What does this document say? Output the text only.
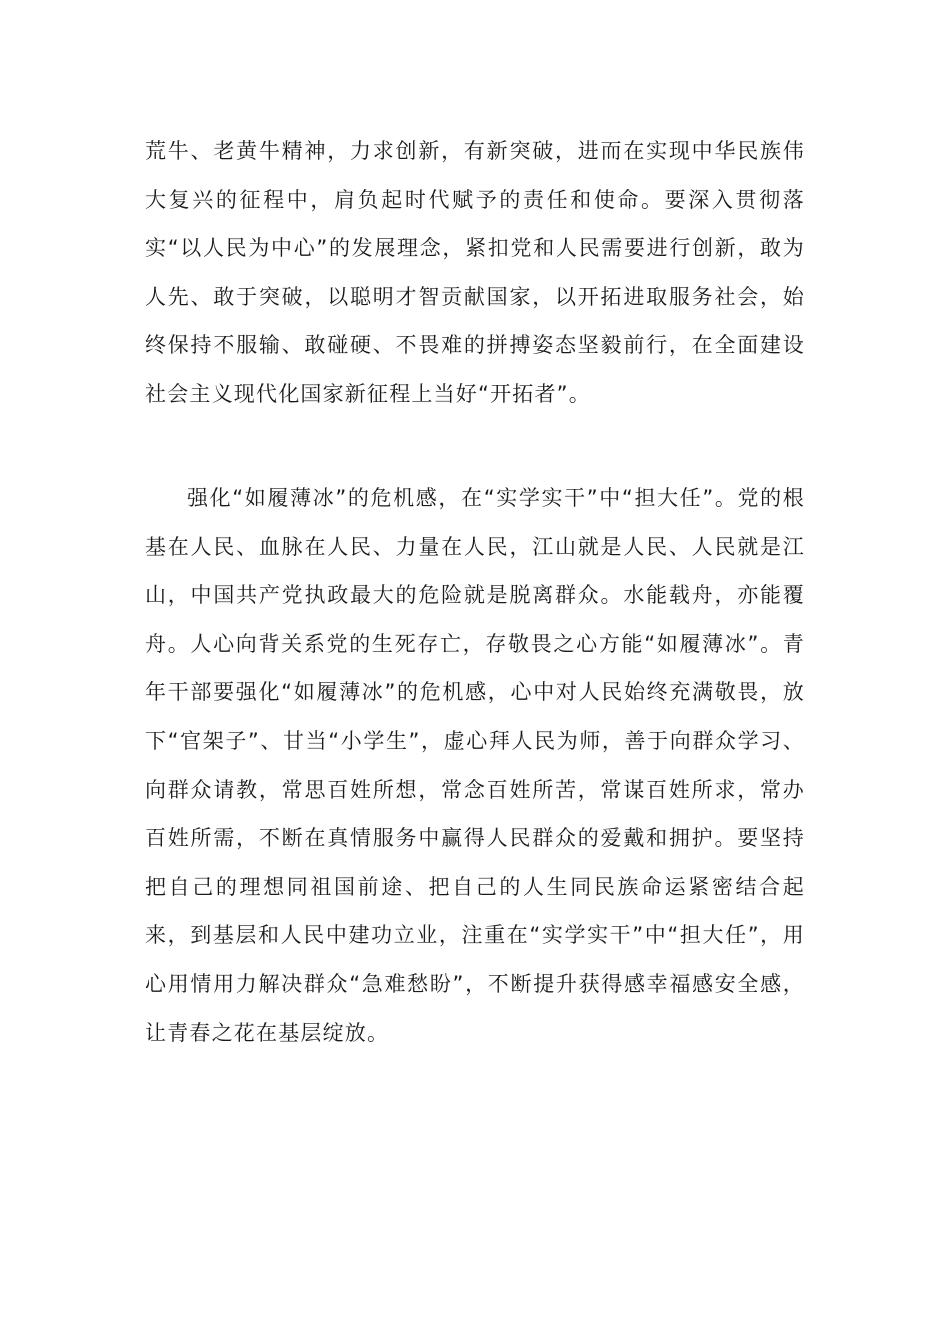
荒牛、老黄牛精神，力求创新，有新突破，进而在实现中华民族伟大复兴的征程中，肩负起时代赋予的责任和使命。要深入贯彻落实“以人民为中心”的发展理念，紧扣党和人民需要进行创新，敢为人先、敢于突破，以聪明才智贡献国家，以开拓进取服务社会，始终保持不服输、敢碰硬、不畏难的拼搏姿态坚毅前行，在全面建设社会主义现代化国家新征程上当好“开拓者”。

强化“如履薄冰”的危机感，在“实学实干”中“担大任”。党的根基在人民、血脉在人民、力量在人民，江山就是人民、人民就是江山，中国共产党执政最大的危险就是脱离群众。水能载舟，亦能覆舟。人心向背关系党的生死存亡，存敬畏之心方能“如履薄冰”。青年干部要强化“如履薄冰”的危机感，心中对人民始终充满敬畏，放下“官架子”、甘当“小学生”，虚心拜人民为师，善于向群众学习、向群众请教，常思百姓所想，常念百姓所苦，常谋百姓所求，常办百姓所需，不断在真情服务中赢得人民群众的爱戴和拥护。要坚持把自己的理想同祖国前途、把自己的人生同民族命运紧密结合起来，到基层和人民中建功立业，注重在“实学实干”中“担大任”，用心用情用力解决群众“急难愁盼”，不断提升获得感幸福感安全感，让青春之花在基层绽放。
